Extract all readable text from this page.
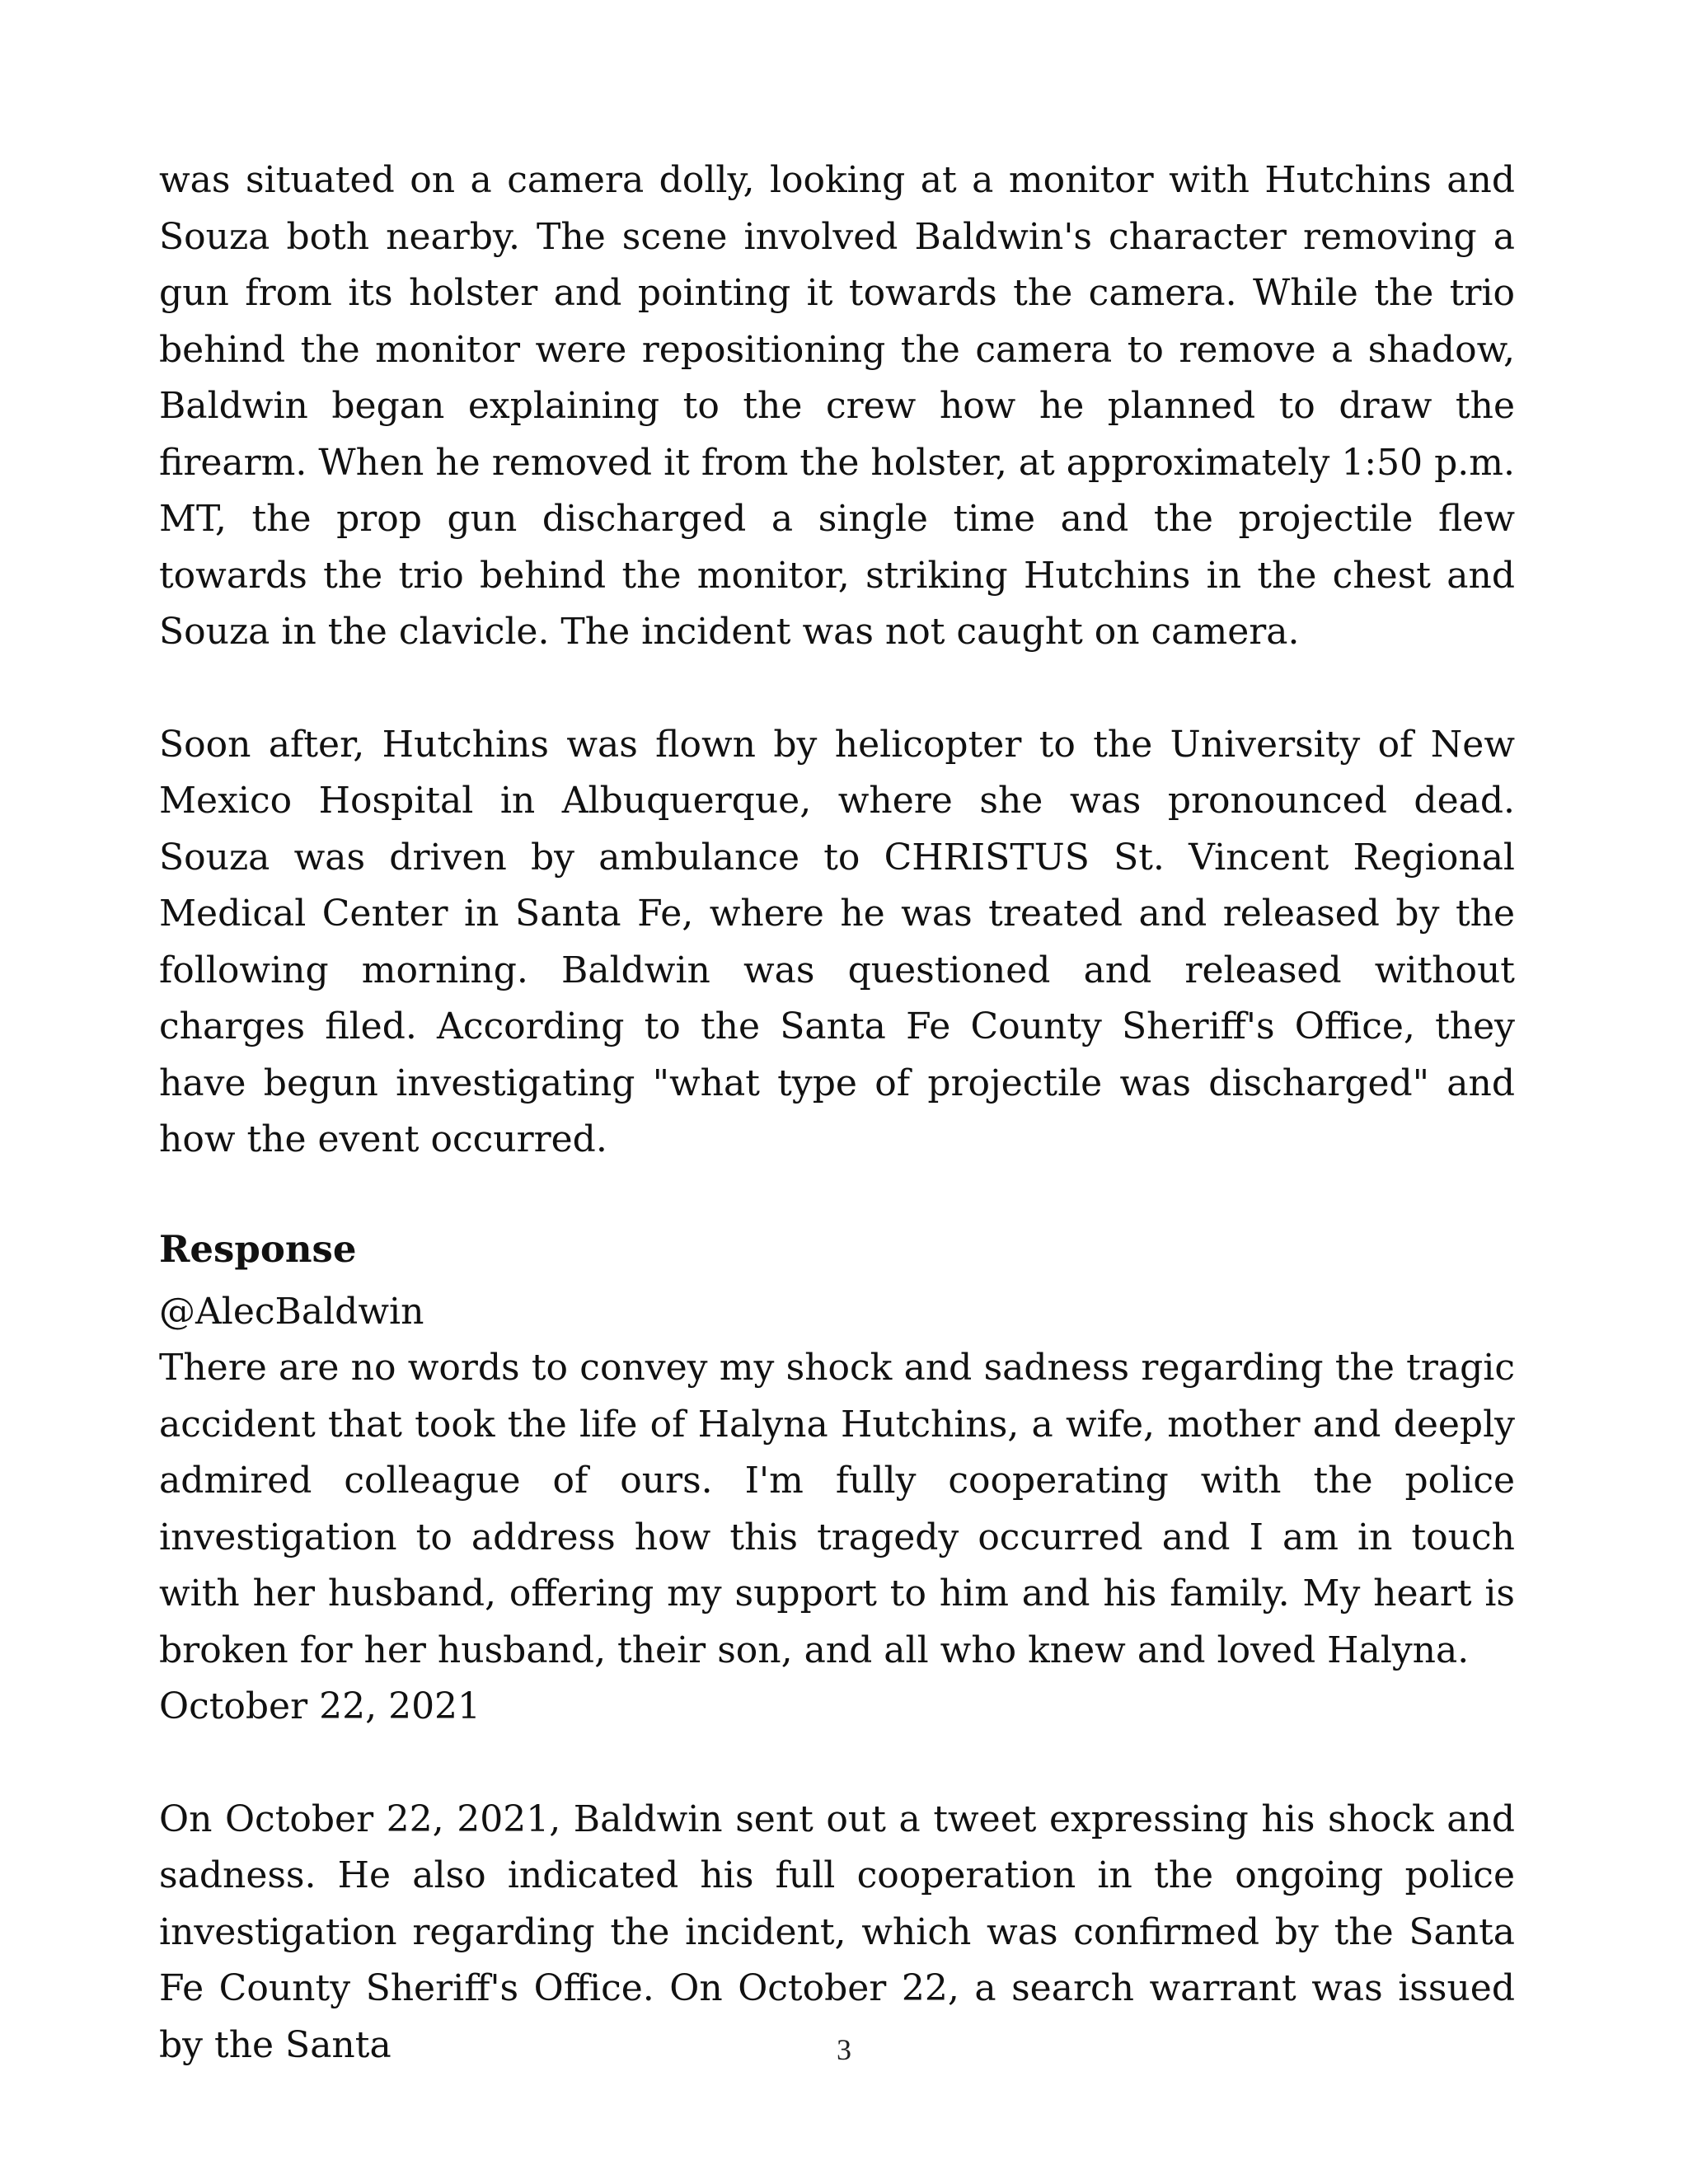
was situated on a camera dolly, looking at a monitor with Hutchins and Souza both nearby. The scene involved Baldwin's character removing a gun from its holster and pointing it towards the camera. While the trio behind the monitor were repositioning the camera to remove a shadow, Baldwin began explaining to the crew how he planned to draw the firearm. When he removed it from the holster, at approximately 1:50 p.m. MT, the prop gun discharged a single time and the projectile flew towards the trio behind the monitor, striking Hutchins in the chest and Souza in the clavicle. The incident was not caught on camera.

Soon after, Hutchins was flown by helicopter to the University of New Mexico Hospital in Albuquerque, where she was pronounced dead. Souza was driven by ambulance to CHRISTUS St. Vincent Regional Medical Center in Santa Fe, where he was treated and released by the following morning. Baldwin was questioned and released without charges filed. According to the Santa Fe County Sheriff's Office, they have begun investigating "what type of projectile was discharged" and how the event occurred.

Response

@AlecBaldwin

There are no words to convey my shock and sadness regarding the tragic accident that took the life of Halyna Hutchins, a wife, mother and deeply admired colleague of ours. I'm fully cooperating with the police investigation to address how this tragedy occurred and I am in touch with her husband, offering my support to him and his family. My heart is broken for her husband, their son, and all who knew and loved Halyna.

October 22, 2021

On October 22, 2021, Baldwin sent out a tweet expressing his shock and sadness. He also indicated his full cooperation in the ongoing police investigation regarding the incident, which was confirmed by the Santa Fe County Sheriff's Office. On October 22, a search warrant was issued by the Santa	3
